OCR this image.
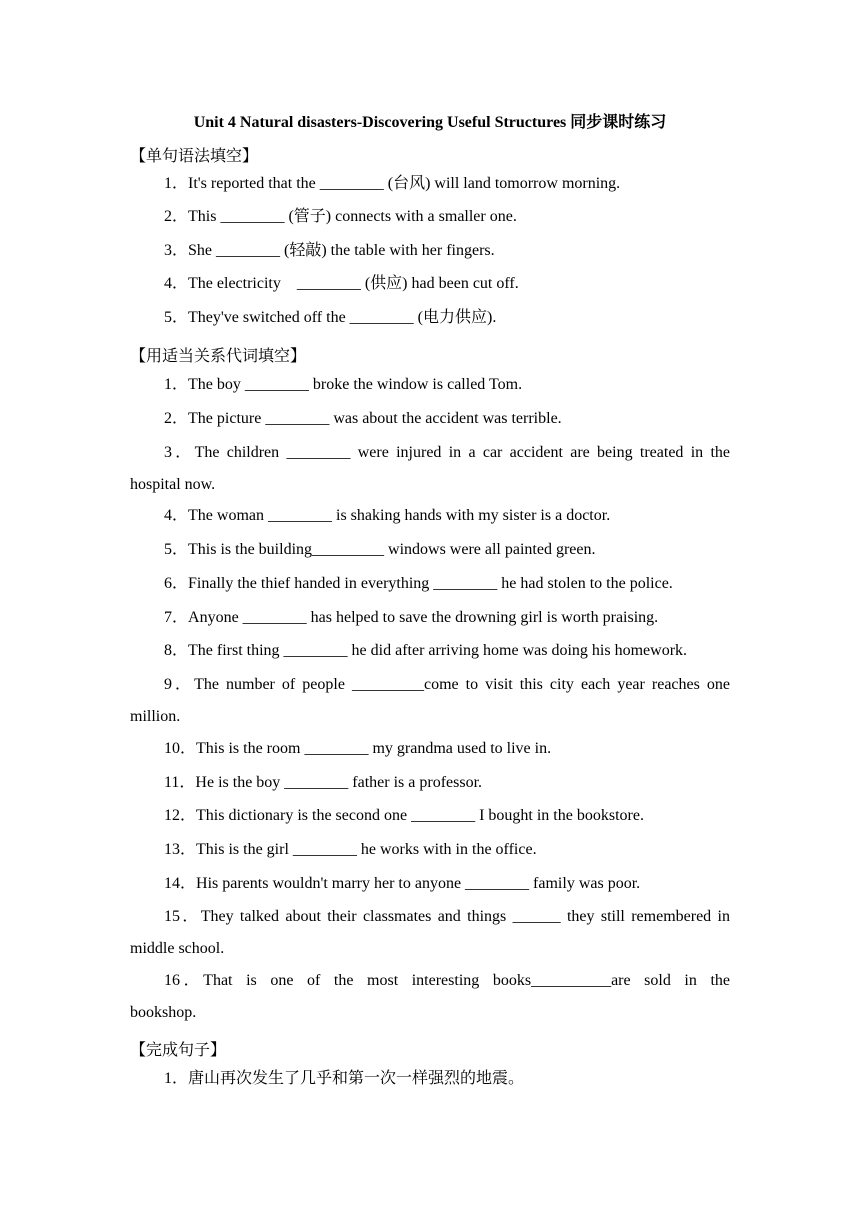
Unit 4 Natural disasters-Discovering Useful Structures 同步课时练习
【单句语法填空】
1．It's reported that the ________ (台风) will land tomorrow morning.
2．This ________ (管子) connects with a smaller one.
3．She ________ (轻敲) the table with her fingers.
4．The electricity    ________ (供应) had been cut off.
5．They've switched off the ________ (电力供应).
【用适当关系代词填空】
1．The boy ________ broke the window is called Tom.
2．The picture ________ was about the accident was terrible.
3．The children ________ were injured in a car accident are being treated in the hospital now.
4．The woman ________ is shaking hands with my sister is a doctor.
5．This is the building_________ windows were all painted green.
6．Finally the thief handed in everything ________ he had stolen to the police.
7．Anyone ________ has helped to save the drowning girl is worth praising.
8．The first thing ________ he did after arriving home was doing his homework.
9．The number of people _________come to visit this city each year reaches one million.
10．This is the room ________ my grandma used to live in.
11．He is the boy ________ father is a professor.
12．This dictionary is the second one ________ I bought in the bookstore.
13．This is the girl ________ he works with in the office.
14．His parents wouldn't marry her to anyone ________ family was poor.
15．They talked about their classmates and things ______ they still remembered in middle school.
16．That is one of the most interesting books__________are sold in the bookshop.
【完成句子】
1．唐山再次发生了几乎和第一次一样强烈的地震。
